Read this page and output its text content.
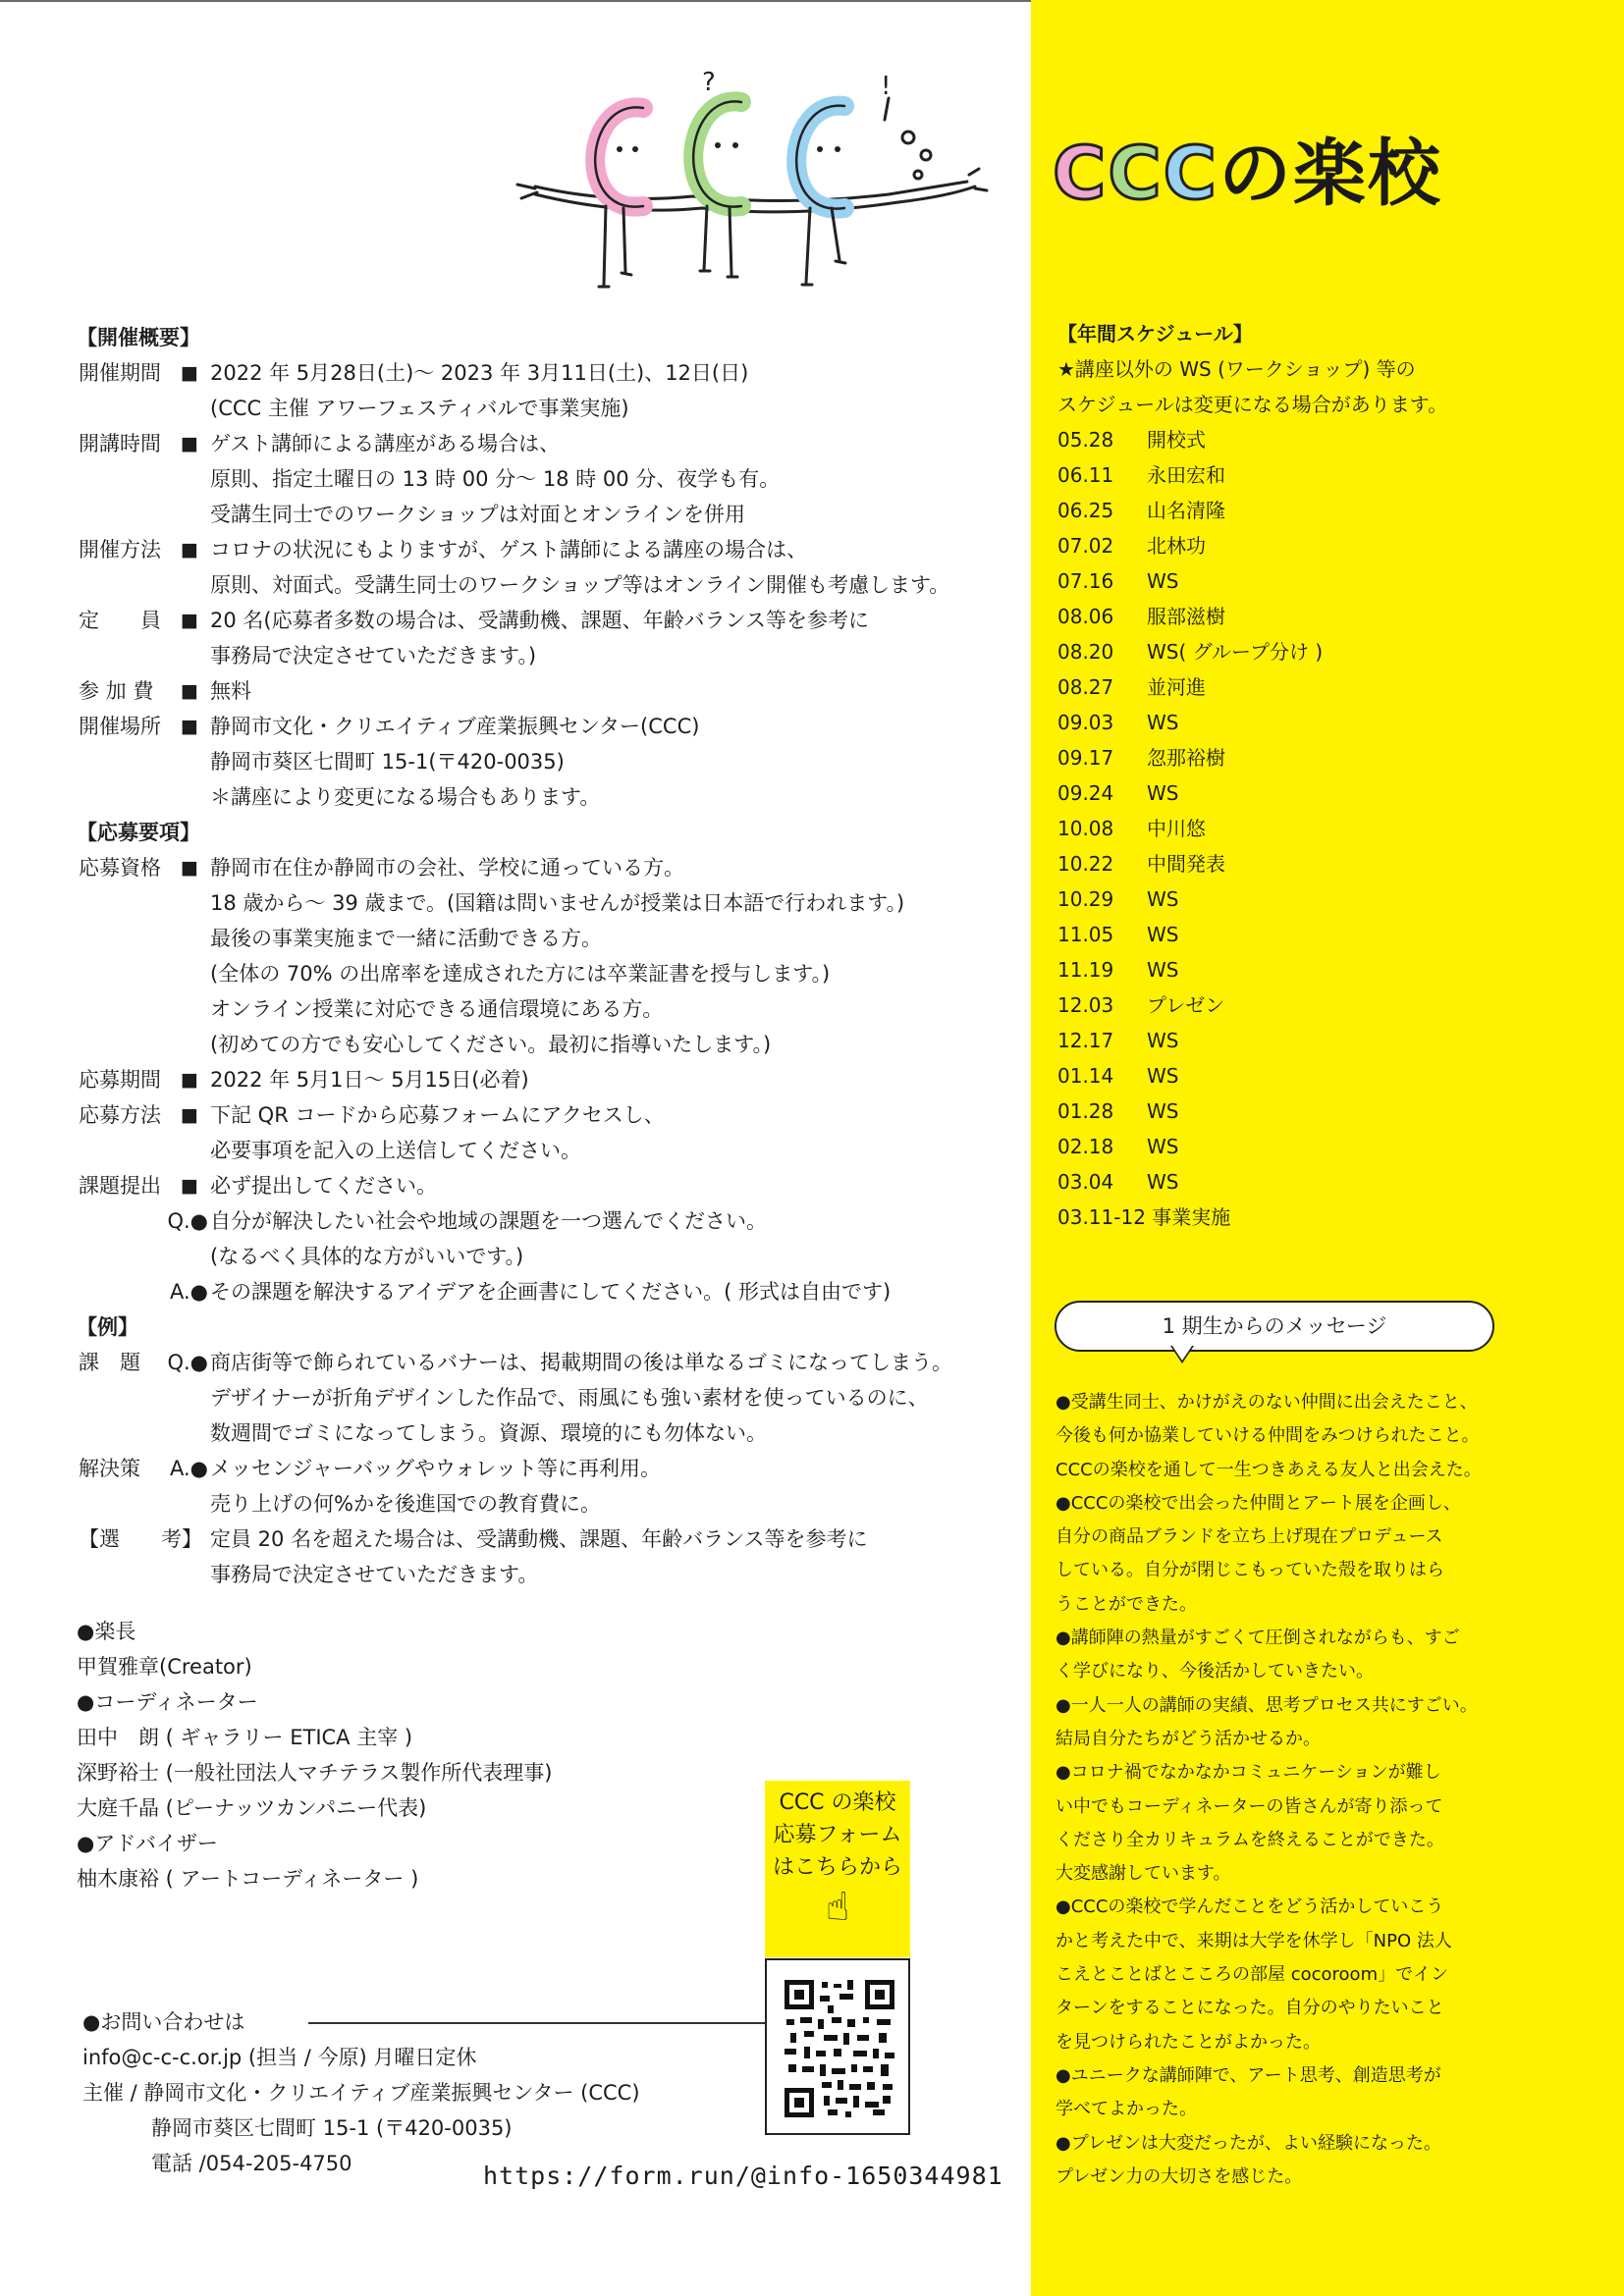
?	!
【開催概要】
開催期間	■ 2022 年 5月28日(土)～ 2023 年 3月11日(土)、12日(日)
(CCC 主催 アワーフェスティバルで事業実施)
開講時間	■ ゲスト講師による講座がある場合は、
原則、指定土曜日の 13 時 00 分～ 18 時 00 分、夜学も有。
受講生同士でのワークショップは対面とオンラインを併用
開催方法	■ コロナの状況にもよりますが、ゲスト講師による講座の場合は、
原則、対面式。受講生同士のワークショップ等はオンライン開催も考慮します。
定　　員	■ 20 名(応募者多数の場合は、受講動機、課題、年齢バランス等を参考に
事務局で決定させていただきます。)
参 加 費	■ 無料
開催場所	■ 静岡市文化・クリエイティブ産業振興センター(CCC)
静岡市葵区七間町 15-1(〒420-0035)
＊講座により変更になる場合もあります。
【応募要項】
応募資格	■ 静岡市在住か静岡市の会社、学校に通っている方。
18 歳から～ 39 歳まで。(国籍は問いませんが授業は日本語で行われます。)
最後の事業実施まで一緒に活動できる方。
(全体の 70% の出席率を達成された方には卒業証書を授与します。)
オンライン授業に対応できる通信環境にある方。
(初めての方でも安心してください。最初に指導いたします。)
応募期間	■ 2022 年 5月1日～ 5月15日(必着)
応募方法	■ 下記 QR コードから応募フォームにアクセスし、
必要事項を記入の上送信してください。
課題提出	■ 必ず提出してください。
Q.● 自分が解決したい社会や地域の課題を一つ選んでください。
(なるべく具体的な方がいいです。)
A.● その課題を解決するアイデアを企画書にしてください。( 形式は自由です)
【例】
課　題	Q.● 商店街等で飾られているバナーは、掲載期間の後は単なるゴミになってしまう。
デザイナーが折角デザインした作品で、雨風にも強い素材を使っているのに、
数週間でゴミになってしまう。資源、環境的にも勿体ない。
解決策	A.● メッセンジャーバッグやウォレット等に再利用。
売り上げの何%かを後進国での教育費に。
【選　　考】 定員 20 名を超えた場合は、受講動機、課題、年齢バランス等を参考に
事務局で決定させていただきます。
●楽長
甲賀雅章(Creator)
●コーディネーター
田中　朗 ( ギャラリー ETICA 主宰 )
深野裕士 (一般社団法人マチテラス製作所代表理事)
大庭千晶 (ピーナッツカンパニー代表)
●アドバイザー
柚木康裕 ( アートコーディネーター )
●お問い合わせは
info@c-c-c.or.jp (担当 / 今原) 月曜日定休
主催 / 静岡市文化・クリエイティブ産業振興センター (CCC)
静岡市葵区七間町 15-1 (〒420-0035)
電話 /054-205-4750	https://form.run/@info-1650344981
CCC の楽校
応募フォーム
はこちらから
☝
CCCの楽校
【年間スケジュール】
★講座以外の WS (ワークショップ) 等の
スケジュールは変更になる場合があります。
05.28 開校式
06.11 永田宏和
06.25 山名清隆
07.02 北林功
07.16 WS
08.06 服部滋樹
08.20 WS( グループ分け )
08.27 並河進
09.03 WS
09.17 忽那裕樹
09.24 WS
10.08 中川悠
10.22 中間発表
10.29 WS
11.05 WS
11.19 WS
12.03 プレゼン
12.17 WS
01.14 WS
01.28 WS
02.18 WS
03.04 WS
03.11-12 事業実施
1 期生からのメッセージ
●受講生同士、かけがえのない仲間に出会えたこと、
今後も何か協業していける仲間をみつけられたこと。
CCCの楽校を通して一生つきあえる友人と出会えた。
●CCCの楽校で出会った仲間とアート展を企画し、
自分の商品ブランドを立ち上げ現在プロデュース
している。自分が閉じこもっていた殻を取りはら
うことができた。
●講師陣の熱量がすごくて圧倒されながらも、すご
く学びになり、今後活かしていきたい。
●一人一人の講師の実績、思考プロセス共にすごい。
結局自分たちがどう活かせるか。
●コロナ禍でなかなかコミュニケーションが難し
い中でもコーディネーターの皆さんが寄り添って
くださり全カリキュラムを終えることができた。
大変感謝しています。
●CCCの楽校で学んだことをどう活かしていこう
かと考えた中で、来期は大学を休学し「NPO 法人
こえとことばとこころの部屋 cocoroom」でイン
ターンをすることになった。自分のやりたいこと
を見つけられたことがよかった。
●ユニークな講師陣で、アート思考、創造思考が
学べてよかった。
●プレゼンは大変だったが、よい経験になった。
プレゼン力の大切さを感じた。
